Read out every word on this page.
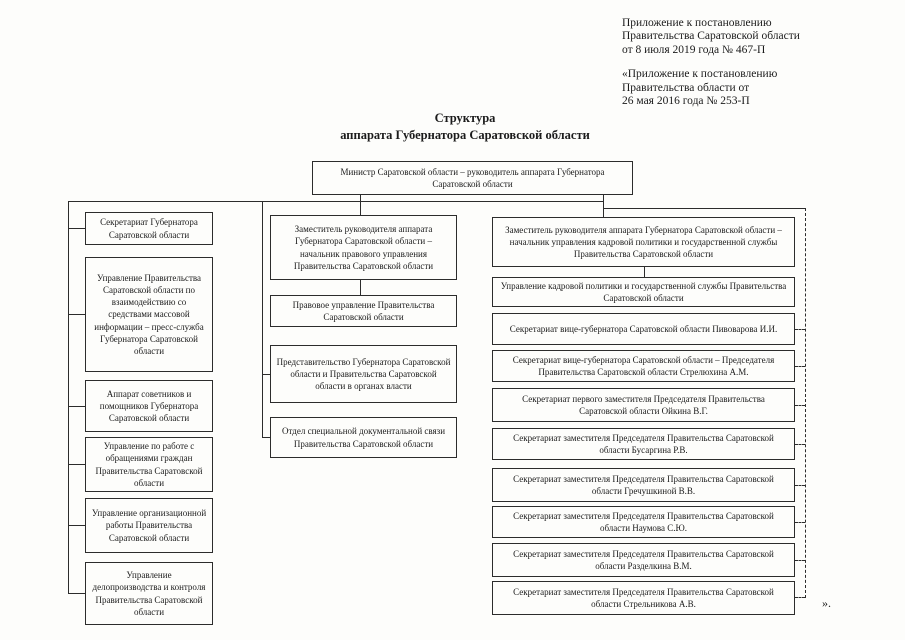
Приложение к постановлению
Правительства Саратовской области
от 8 июля 2019 года № 467-П
«Приложение к постановлению
Правительства области от
26 мая 2016 года № 253-П
Структура
аппарата Губернатора Саратовской области
Министр Саратовской области – руководитель аппарата Губернатора Саратовской области
Секретариат Губернатора Саратовской области
Управление Правительства Саратовской области по взаимодействию со средствами массовой информации – пресс-служба Губернатора Саратовской области
Аппарат советников и помощников Губернатора Саратовской области
Управление по работе с обращениями граждан Правительства Саратовской области
Управление организационной работы Правительства Саратовской области
Управление делопроизводства и контроля Правительства Саратовской области
Заместитель руководителя аппарата Губернатора Саратовской области – начальник правового управления Правительства Саратовской области
Правовое управление Правительства Саратовской области
Представительство Губернатора Саратовской области и Правительства Саратовской области в органах власти
Отдел специальной документальной связи Правительства Саратовской области
Заместитель руководителя аппарата Губернатора Саратовской области – начальник управления кадровой политики и государственной службы Правительства Саратовской области
Управление кадровой политики и государственной службы Правительства Саратовской области
Секретариат вице-губернатора Саратовской области Пивоварова И.И.
Секретариат вице-губернатора Саратовской области – Председателя Правительства Саратовской области Стрелюхина А.М.
Секретариат первого заместителя Председателя Правительства Саратовской области Ойкина В.Г.
Секретариат заместителя Председателя Правительства Саратовской области Бусаргина Р.В.
Секретариат заместителя Председателя Правительства Саратовской области Гречушкиной В.В.
Секретариат заместителя Председателя Правительства Саратовской области Наумова С.Ю.
Секретариат заместителя Председателя Правительства Саратовской области Разделкина В.М.
Секретариат заместителя Председателя Правительства Саратовской области Стрельникова А.В.	».
